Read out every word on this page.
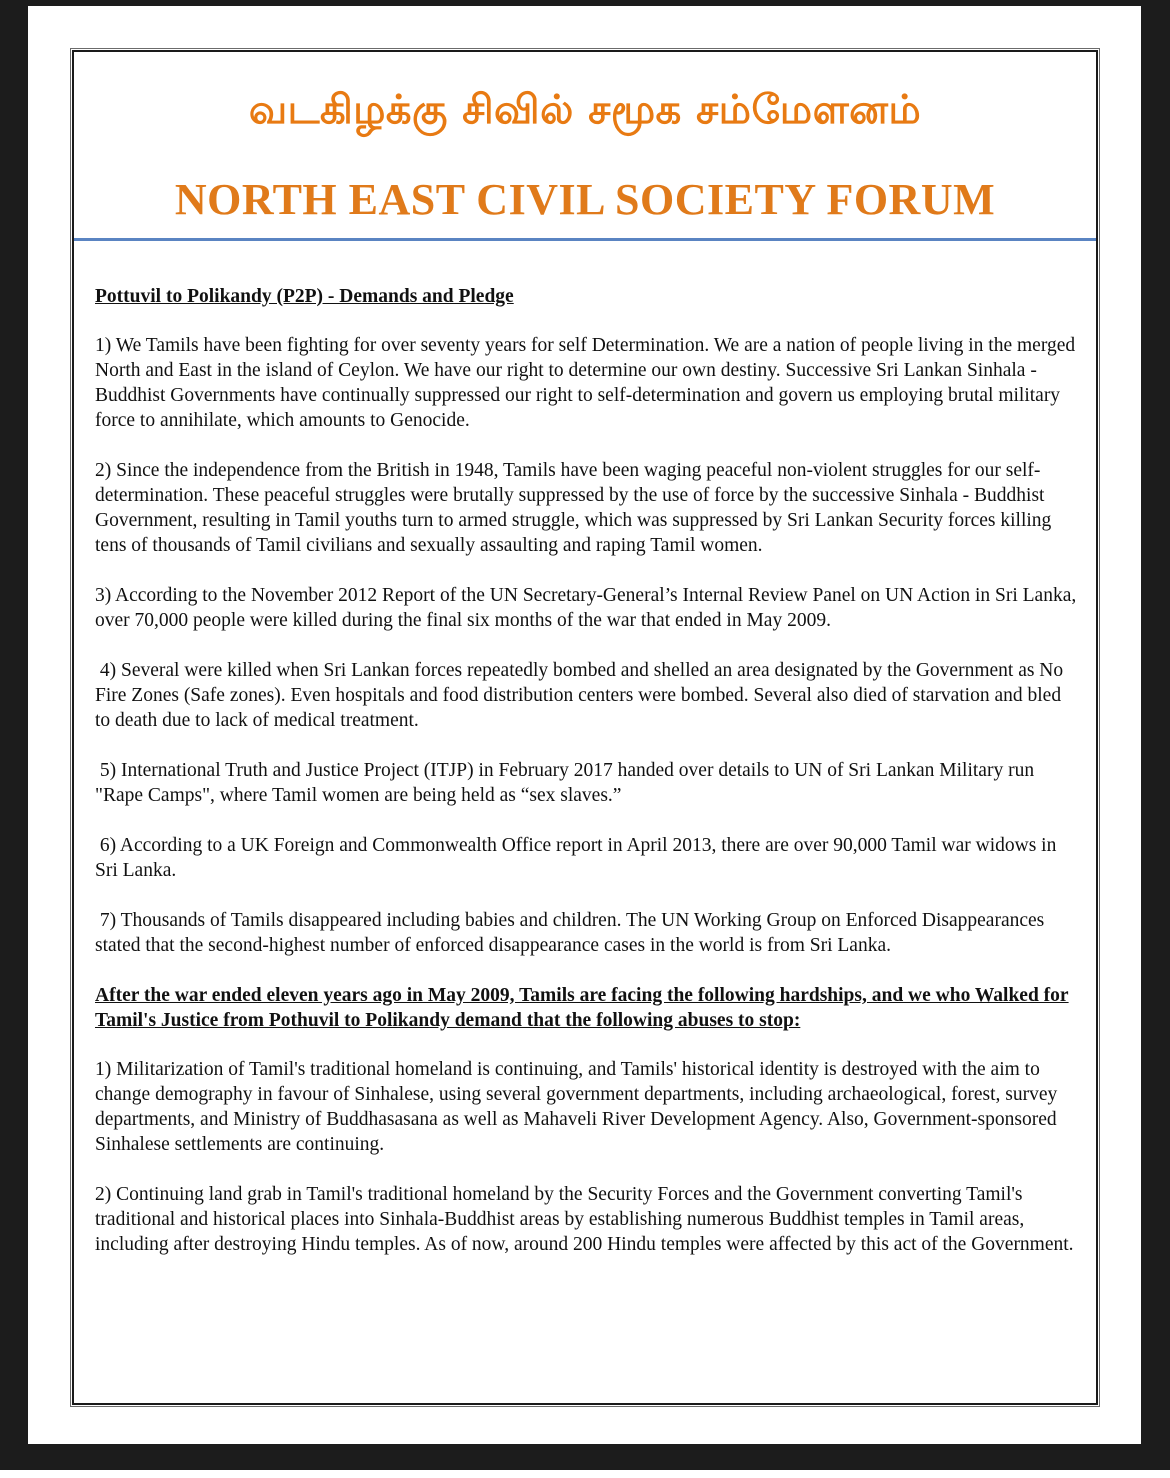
வடகிழக்கு சிவில் சமூக சம்மேளனம்
NORTH EAST CIVIL SOCIETY FORUM

Pottuvil to Polikandy (P2P) - Demands and Pledge

1) We Tamils have been fighting for over seventy years for self Determination. We are a nation of people living in the merged North and East in the island of Ceylon. We have our right to determine our own destiny. Successive Sri Lankan Sinhala - Buddhist Governments have continually suppressed our right to self-determination and govern us employing brutal military force to annihilate, which amounts to Genocide.

2) Since the independence from the British in 1948, Tamils have been waging peaceful non-violent struggles for our self-determination. These peaceful struggles were brutally suppressed by the use of force by the successive Sinhala - Buddhist Government, resulting in Tamil youths turn to armed struggle, which was suppressed by Sri Lankan Security forces killing tens of thousands of Tamil civilians and sexually assaulting and raping Tamil women.

3) According to the November 2012 Report of the UN Secretary-General’s Internal Review Panel on UN Action in Sri Lanka, over 70,000 people were killed during the final six months of the war that ended in May 2009.

4) Several were killed when Sri Lankan forces repeatedly bombed and shelled an area designated by the Government as No Fire Zones (Safe zones). Even hospitals and food distribution centers were bombed. Several also died of starvation and bled to death due to lack of medical treatment.

5) International Truth and Justice Project (ITJP) in February 2017 handed over details to UN of Sri Lankan Military run "Rape Camps", where Tamil women are being held as “sex slaves.”

6) According to a UK Foreign and Commonwealth Office report in April 2013, there are over 90,000 Tamil war widows in Sri Lanka.

7) Thousands of Tamils disappeared including babies and children. The UN Working Group on Enforced Disappearances stated that the second-highest number of enforced disappearance cases in the world is from Sri Lanka.

After the war ended eleven years ago in May 2009, Tamils are facing the following hardships, and we who Walked for Tamil's Justice from Pothuvil to Polikandy demand that the following abuses to stop:

1) Militarization of Tamil's traditional homeland is continuing, and Tamils' historical identity is destroyed with the aim to change demography in favour of Sinhalese, using several government departments, including archaeological, forest, survey departments, and Ministry of Buddhasasana as well as Mahaveli River Development Agency. Also, Government-sponsored Sinhalese settlements are continuing.

2) Continuing land grab in Tamil's traditional homeland by the Security Forces and the Government converting Tamil's traditional and historical places into Sinhala-Buddhist areas by establishing numerous Buddhist temples in Tamil areas, including after destroying Hindu temples. As of now, around 200 Hindu temples were affected by this act of the Government.
